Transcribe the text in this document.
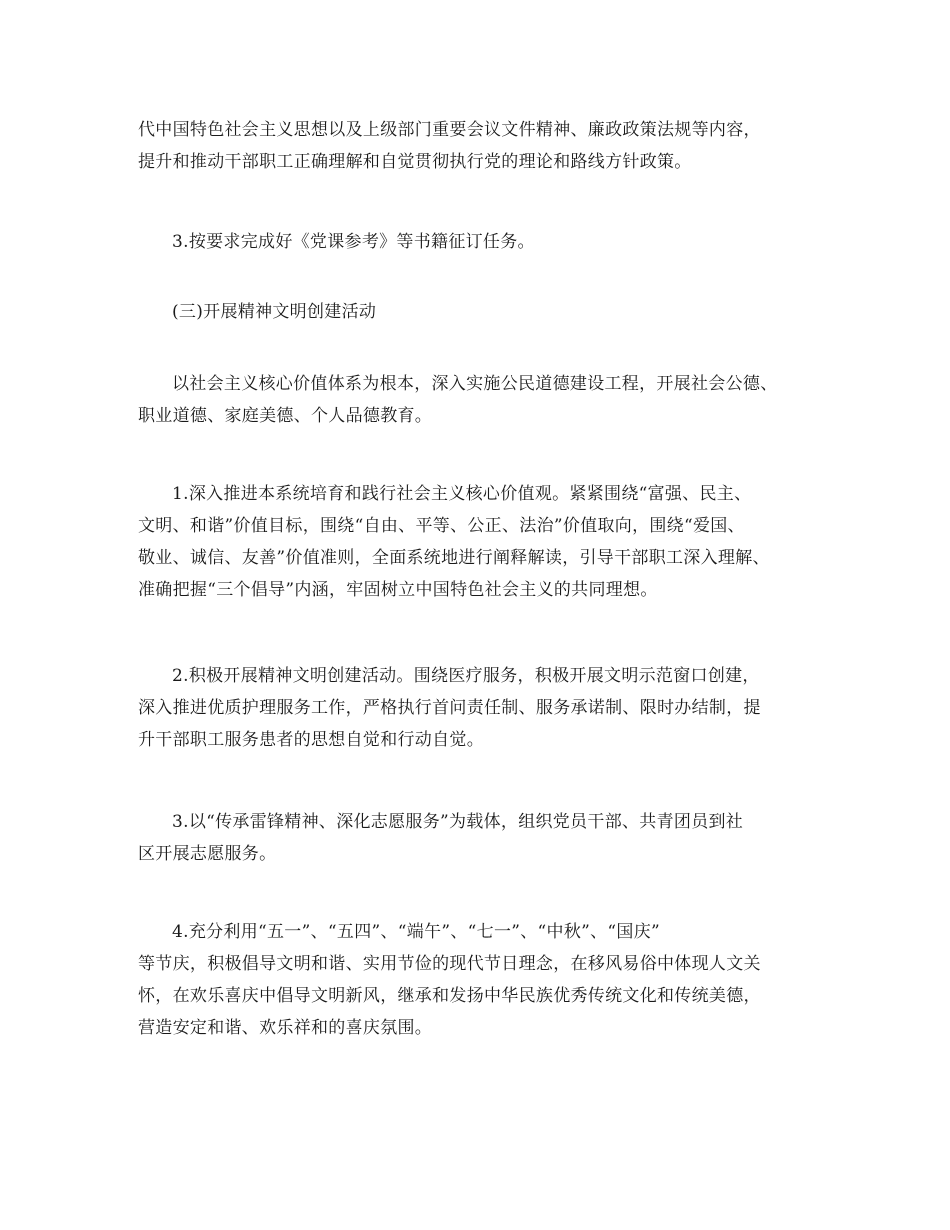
代中国特色社会主义思想以及上级部门重要会议文件精神、廉政政策法规等内容，
提升和推动干部职工正确理解和自觉贯彻执行党的理论和路线方针政策。

3.按要求完成好《党课参考》等书籍征订任务。

(三)开展精神文明创建活动

以社会主义核心价值体系为根本，深入实施公民道德建设工程，开展社会公德、
职业道德、家庭美德、个人品德教育。

1.深入推进本系统培育和践行社会主义核心价值观。紧紧围绕“富强、民主、
文明、和谐”价值目标，围绕“自由、平等、公正、法治”价值取向，围绕“爱国、
敬业、诚信、友善”价值准则，全面系统地进行阐释解读，引导干部职工深入理解、
准确把握“三个倡导”内涵，牢固树立中国特色社会主义的共同理想。

2.积极开展精神文明创建活动。围绕医疗服务，积极开展文明示范窗口创建，
深入推进优质护理服务工作，严格执行首问责任制、服务承诺制、限时办结制，提
升干部职工服务患者的思想自觉和行动自觉。

3.以“传承雷锋精神、深化志愿服务”为载体，组织党员干部、共青团员到社
区开展志愿服务。

4.充分利用“五一”、“五四”、“端午”、“七一”、“中秋”、“国庆”
等节庆，积极倡导文明和谐、实用节俭的现代节日理念，在移风易俗中体现人文关
怀，在欢乐喜庆中倡导文明新风，继承和发扬中华民族优秀传统文化和传统美德，
营造安定和谐、欢乐祥和的喜庆氛围。
